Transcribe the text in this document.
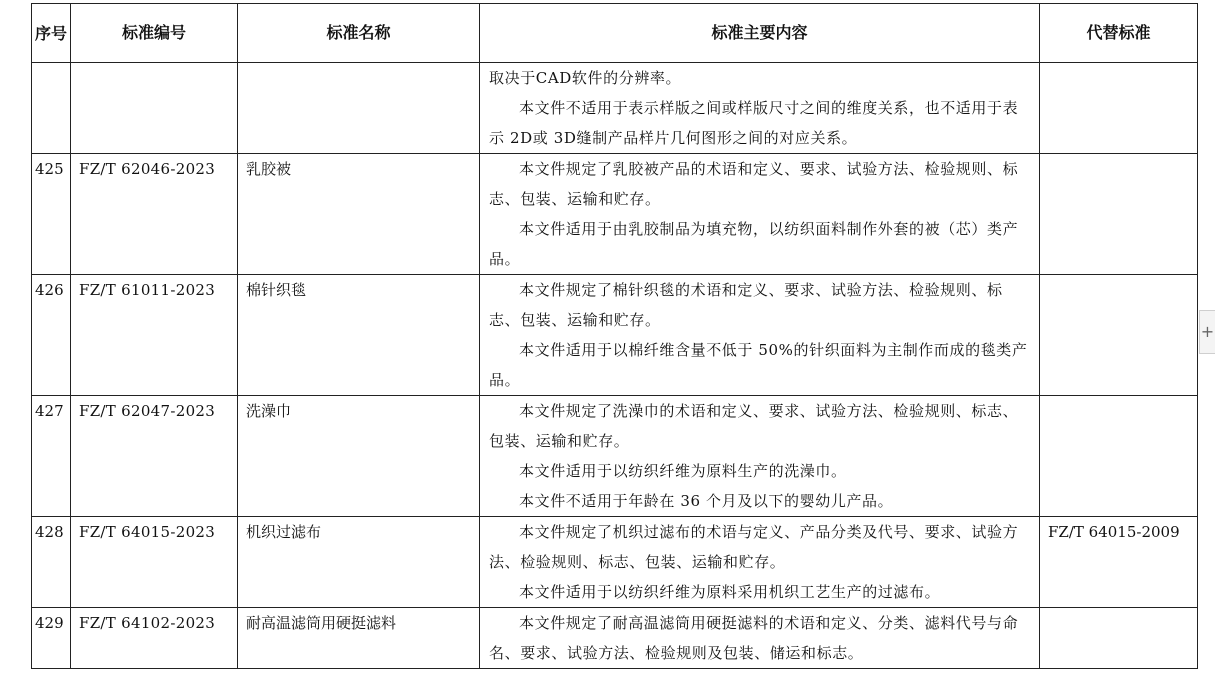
序号	标准编号	标准名称	标准主要内容	代替标准

			取决于CAD软件的分辨率。
本文件不适用于表示样版之间或样版尺寸之间的维度关系，也不适用于表示 2D或 3D缝制产品样片几何图形之间的对应关系。	

425	FZ/T 62046-2023	乳胶被	本文件规定了乳胶被产品的术语和定义、要求、试验方法、检验规则、标志、包装、运输和贮存。
本文件适用于由乳胶制品为填充物，以纺织面料制作外套的被（芯）类产品。	

426	FZ/T 61011-2023	棉针织毯	本文件规定了棉针织毯的术语和定义、要求、试验方法、检验规则、标志、包装、运输和贮存。
本文件适用于以棉纤维含量不低于 50%的针织面料为主制作而成的毯类产品。	

427	FZ/T 62047-2023	洗澡巾	本文件规定了洗澡巾的术语和定义、要求、试验方法、检验规则、标志、包装、运输和贮存。
本文件适用于以纺织纤维为原料生产的洗澡巾。
本文件不适用于年龄在 36 个月及以下的婴幼儿产品。	

428	FZ/T 64015-2023	机织过滤布	本文件规定了机织过滤布的术语与定义、产品分类及代号、要求、试验方法、检验规则、标志、包装、运输和贮存。
本文件适用于以纺织纤维为原料采用机织工艺生产的过滤布。	FZ/T 64015-2009

429	FZ/T 64102-2023	耐高温滤筒用硬挺滤料	本文件规定了耐高温滤筒用硬挺滤料的术语和定义、分类、滤料代号与命名、要求、试验方法、检验规则及包装、储运和标志。	

+
